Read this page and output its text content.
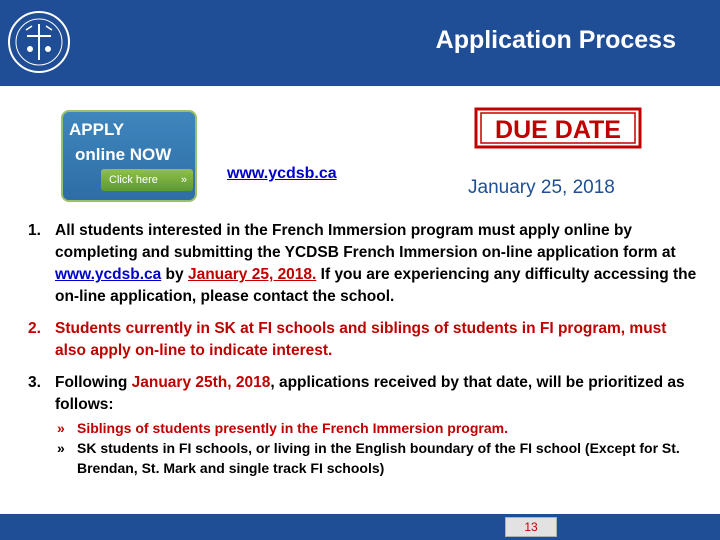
Application Process
APPLY
online NOW
Click here »	www.ycdsb.ca
DUE DATE
January 25, 2018
1. All students interested in the French Immersion program must apply online by completing and submitting the YCDSB French Immersion on-line application form at www.ycdsb.ca by January 25, 2018. If you are experiencing any difficulty accessing the on-line application, please contact the school.
2. Students currently in SK at FI schools and siblings of students in FI program, must also apply on-line to indicate interest.
3. Following January 25th, 2018, applications received by that date, will be prioritized as follows:
» Siblings of students presently in the French Immersion program.
» SK students in FI schools, or living in the English boundary of the FI school (Except for St. Brendan, St. Mark and single track FI schools)
13
